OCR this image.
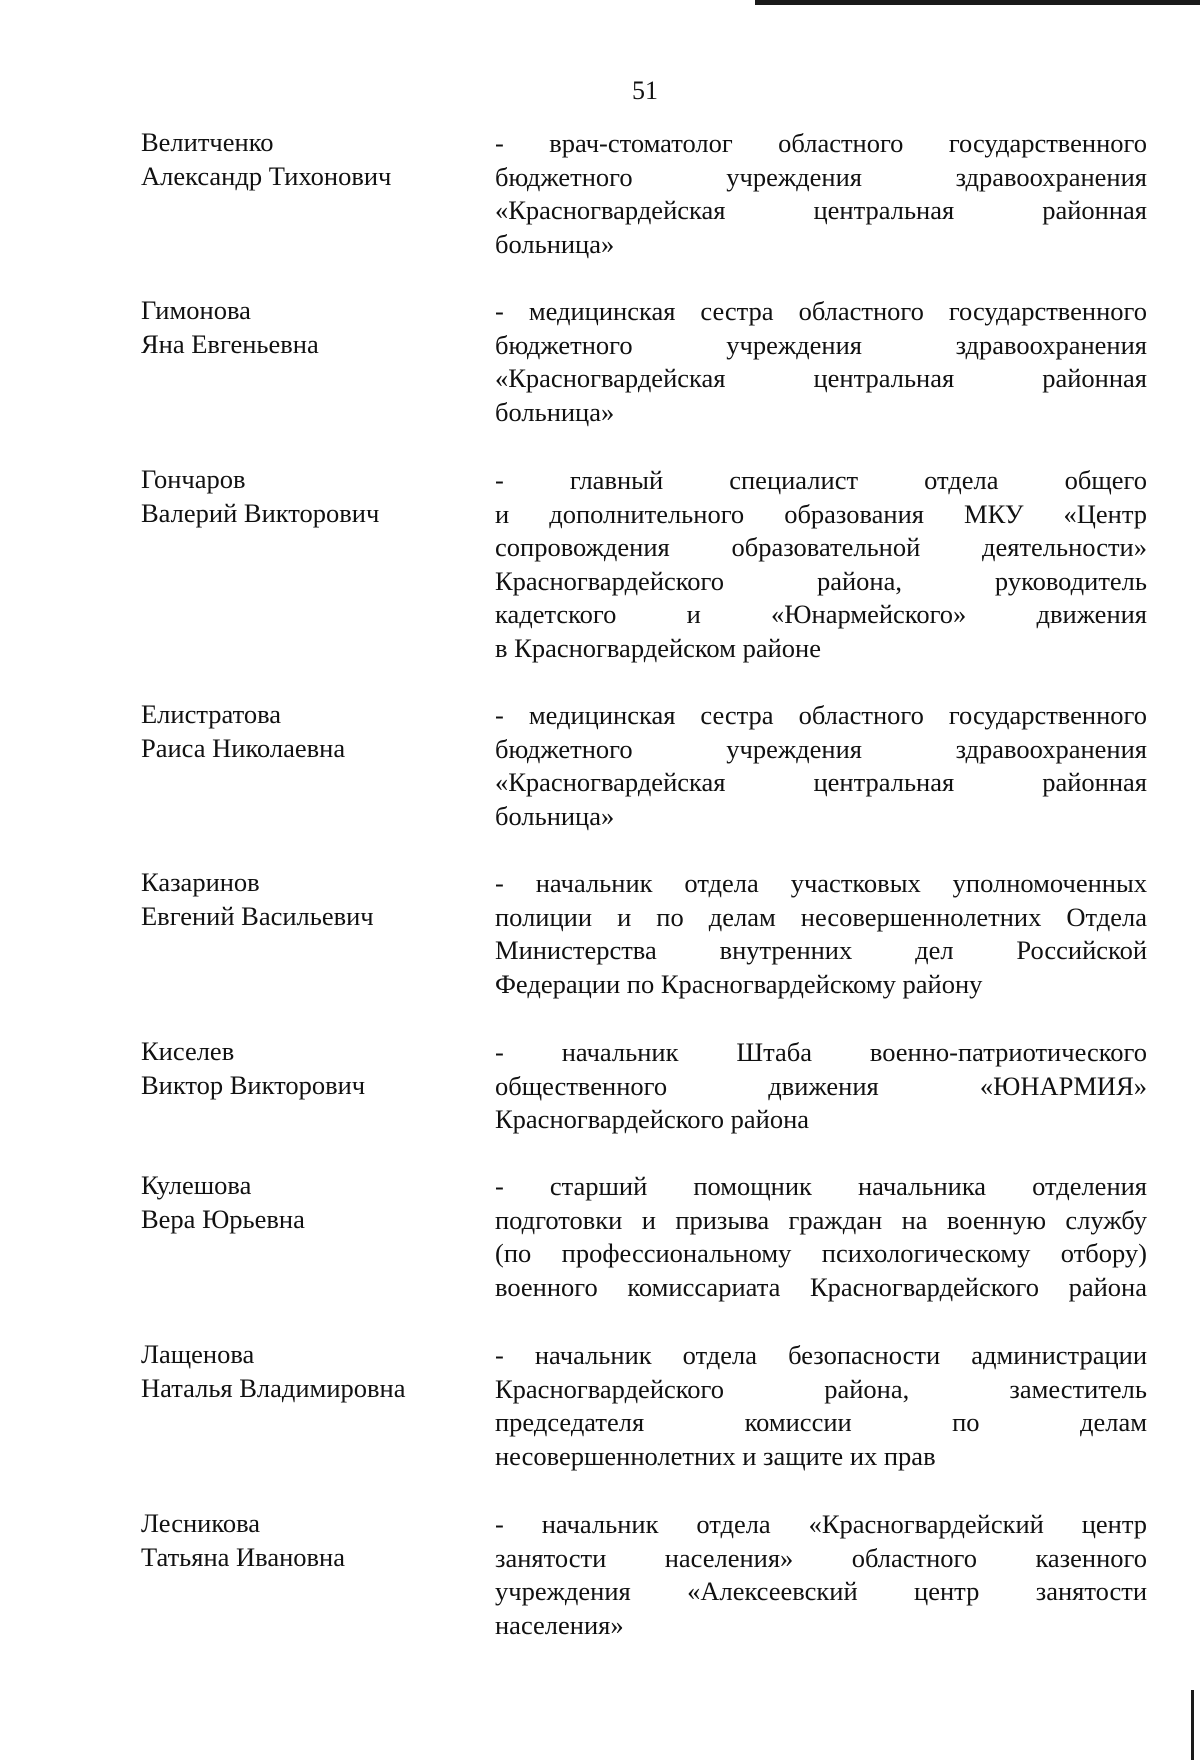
51
Велитченко
Александр Тихонович
- врач-стоматолог областного государственного
бюджетного учреждения здравоохранения
«Красногвардейская центральная районная
больница»
Гимонова
Яна Евгеньевна
- медицинская сестра областного государственного
бюджетного учреждения здравоохранения
«Красногвардейская центральная районная
больница»
Гончаров
Валерий Викторович
- главный специалист отдела общего
и дополнительного образования МКУ «Центр
сопровождения образовательной деятельности»
Красногвардейского района, руководитель
кадетского и «Юнармейского» движения
в Красногвардейском районе
Елистратова
Раиса Николаевна
- медицинская сестра областного государственного
бюджетного учреждения здравоохранения
«Красногвардейская центральная районная
больница»
Казаринов
Евгений Васильевич
- начальник отдела участковых уполномоченных
полиции и по делам несовершеннолетних Отдела
Министерства внутренних дел Российской
Федерации по Красногвардейскому району
Киселев
Виктор Викторович
- начальник Штаба военно-патриотического
общественного движения «ЮНАРМИЯ»
Красногвардейского района
Кулешова
Вера Юрьевна
- старший помощник начальника отделения
подготовки и призыва граждан на военную службу
(по профессиональному психологическому отбору)
военного комиссариата Красногвардейского района
Лащенова
Наталья Владимировна
- начальник отдела безопасности администрации
Красногвардейского района, заместитель
председателя комиссии по делам
несовершеннолетних и защите их прав
Лесникова
Татьяна Ивановна
- начальник отдела «Красногвардейский центр
занятости населения» областного казенного
учреждения «Алексеевский центр занятости
населения»
